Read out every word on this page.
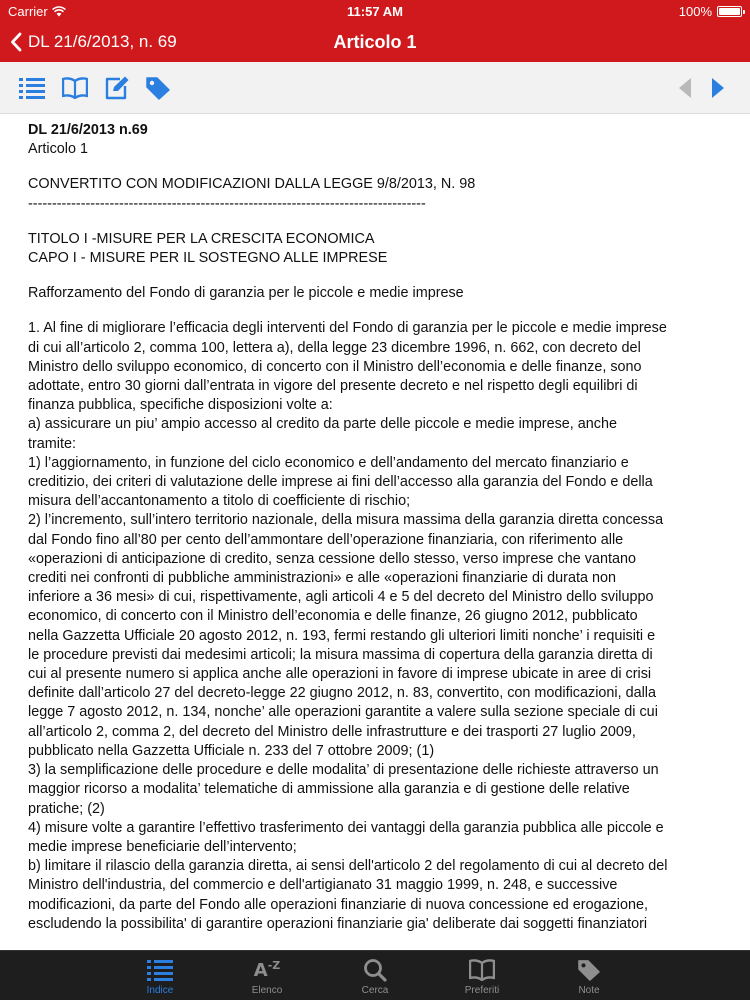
Carrier	11:57 AM	100%
DL 21/6/2013, n. 69	Articolo 1
DL 21/6/2013 n.69
Articolo 1
CONVERTITO CON MODIFICAZIONI DALLA LEGGE 9/8/2013, N. 98
-----------------------------------------------------------------------------------
TITOLO I -MISURE PER LA CRESCITA ECONOMICA
CAPO I - MISURE PER IL SOSTEGNO ALLE IMPRESE
Rafforzamento del Fondo di garanzia per le piccole e medie imprese
1. Al fine di migliorare l’efficacia degli interventi del Fondo di garanzia per le piccole e medie imprese
di cui all’articolo 2, comma 100, lettera a), della legge 23 dicembre 1996, n. 662, con decreto del
Ministro dello sviluppo economico, di concerto con il Ministro dell’economia e delle finanze, sono
adottate, entro 30 giorni dall’entrata in vigore del presente decreto e nel rispetto degli equilibri di
finanza pubblica, specifiche disposizioni volte a:
a) assicurare un piu’ ampio accesso al credito da parte delle piccole e medie imprese, anche
tramite:
1) l’aggiornamento, in funzione del ciclo economico e dell’andamento del mercato finanziario e
creditizio, dei criteri di valutazione delle imprese ai fini dell’accesso alla garanzia del Fondo e della
misura dell’accantonamento a titolo di coefficiente di rischio;
2) l’incremento, sull’intero territorio nazionale, della misura massima della garanzia diretta concessa
dal Fondo fino all’80 per cento dell’ammontare dell’operazione finanziaria, con riferimento alle
«operazioni di anticipazione di credito, senza cessione dello stesso, verso imprese che vantano
crediti nei confronti di pubbliche amministrazioni» e alle «operazioni finanziarie di durata non
inferiore a 36 mesi» di cui, rispettivamente, agli articoli 4 e 5 del decreto del Ministro dello sviluppo
economico, di concerto con il Ministro dell’economia e delle finanze, 26 giugno 2012, pubblicato
nella Gazzetta Ufficiale 20 agosto 2012, n. 193, fermi restando gli ulteriori limiti nonche’ i requisiti e
le procedure previsti dai medesimi articoli; la misura massima di copertura della garanzia diretta di
cui al presente numero si applica anche alle operazioni in favore di imprese ubicate in aree di crisi
definite dall’articolo 27 del decreto-legge 22 giugno 2012, n. 83, convertito, con modificazioni, dalla
legge 7 agosto 2012, n. 134, nonche’ alle operazioni garantite a valere sulla sezione speciale di cui
all’articolo 2, comma 2, del decreto del Ministro delle infrastrutture e dei trasporti 27 luglio 2009,
pubblicato nella Gazzetta Ufficiale n. 233 del 7 ottobre 2009; (1)
3) la semplificazione delle procedure e delle modalita’ di presentazione delle richieste attraverso un
maggior ricorso a modalita’ telematiche di ammissione alla garanzia e di gestione delle relative
pratiche; (2)
4) misure volte a garantire l’effettivo trasferimento dei vantaggi della garanzia pubblica alle piccole e
medie imprese beneficiarie dell’intervento;
b) limitare il rilascio della garanzia diretta, ai sensi dell'articolo 2 del regolamento di cui al decreto del
Ministro dell'industria, del commercio e dell'artigianato 31 maggio 1999, n. 248, e successive
modificazioni, da parte del Fondo alle operazioni finanziarie di nuova concessione ed erogazione,
escludendo la possibilita' di garantire operazioni finanziarie gia' deliberate dai soggetti finanziatori
Indice
$A^{-Z}$
Elenco	Cerca	Preferiti	Note
